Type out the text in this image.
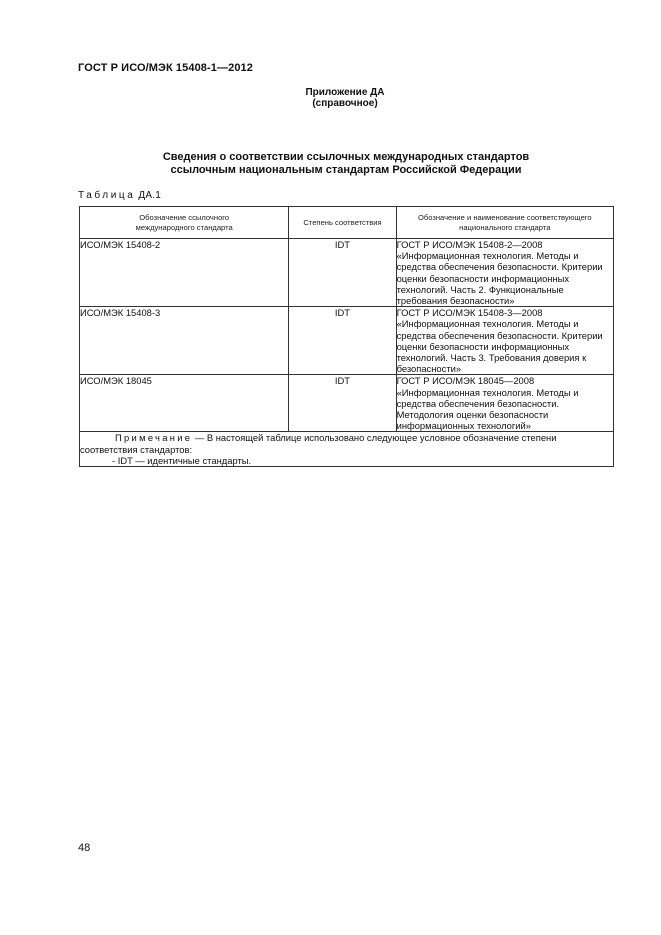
ГОСТ Р ИСО/МЭК 15408-1—2012
Приложение ДА
(справочное)
Сведения о соответствии ссылочных международных стандартов
ссылочным национальным стандартам Российской Федерации
Таблица ДА.1
Обозначение ссылочного международного стандарта	Степень соответствия	Обозначение и наименование соответствующего национального стандарта
ИСО/МЭК 15408-2	IDT	ГОСТ Р ИСО/МЭК 15408-2—2008 «Информационная технология. Методы и средства обеспечения безопасности. Критерии оценки безопасности информационных технологий. Часть 2. Функциональные требования безопасности»
ИСО/МЭК 15408-3	IDT	ГОСТ Р ИСО/МЭК 15408-3—2008 «Информационная технология. Методы и средства обеспечения безопасности. Критерии оценки безопасности информационных технологий. Часть 3. Требования доверия к безопасности»
ИСО/МЭК 18045	IDT	ГОСТ Р ИСО/МЭК 18045—2008 «Информационная технология. Методы и средства обеспечения безопасности. Методология оценки безопасности информационных технологий»

Примечание — В настоящей таблице использовано следующее условное обозначение степени соответствия стандартов:
- IDT — идентичные стандарты.		
48
